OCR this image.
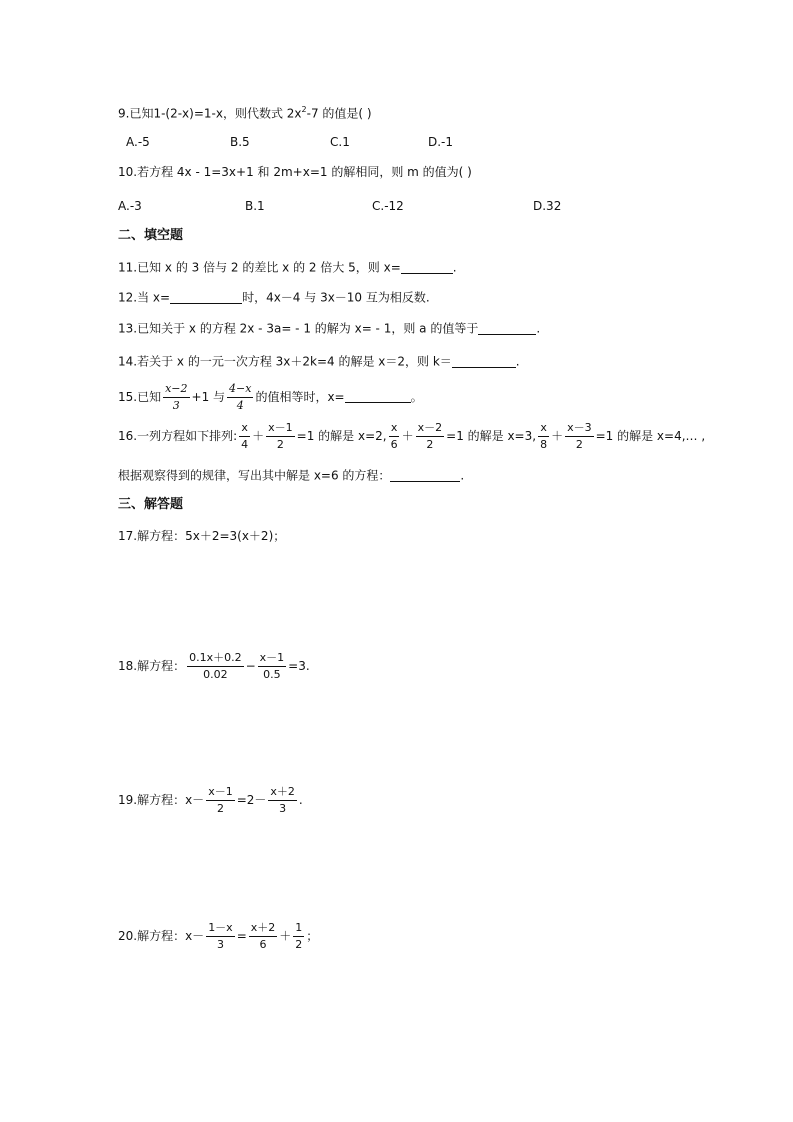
9.已知1-(2-x)=1-x，则代数式 $2x^2-7$ 的值是( )
A.-5	B.5	C.1	D.-1
10.若方程 4x - 1=3x+1 和 2m+x=1 的解相同，则 m 的值为( )
A.-3	B.1	C.-12	D.32
二、填空题
11.已知 x 的 3 倍与 2 的差比 x 的 2 倍大 5，则 x=	.
12.当 x=	时，4x－4 与 3x－10 互为相反数.
13.已知关于 x 的方程 2x - 3a= - 1 的解为 x= - 1，则 a 的值等于	.
14.若关于 x 的一元一次方程 3x＋2k=4 的解是 x＝2，则 k＝	.
15.已知 $\frac{x-2}{3} +1$ 与 $\frac{4-x}{4}$ 的值相等时，x=	。
16.一列方程如下排列: $\frac{x}{4} + \frac{x-1}{2} =1$ 的解是 x=2, $\frac{x}{6} + \frac{x-2}{2} =1$ 的解是 x=3, $\frac{x}{8} + \frac{x-3}{2} =1$ 的解是 x=4,… ,
根据观察得到的规律，写出其中解是 x=6 的方程：	.
三、解答题
17.解方程：5x＋2=3(x＋2)；
18.解方程： $\frac{0.1x+0.2}{0.02} - \frac{x-1}{0.5} =3$.
19.解方程：$x- \frac{x-1}{2} =2- \frac{x+2}{3}$ .
20.解方程：$x- \frac{1-x}{3} = \frac{x+2}{6} + \frac{1}{2}$ ；
